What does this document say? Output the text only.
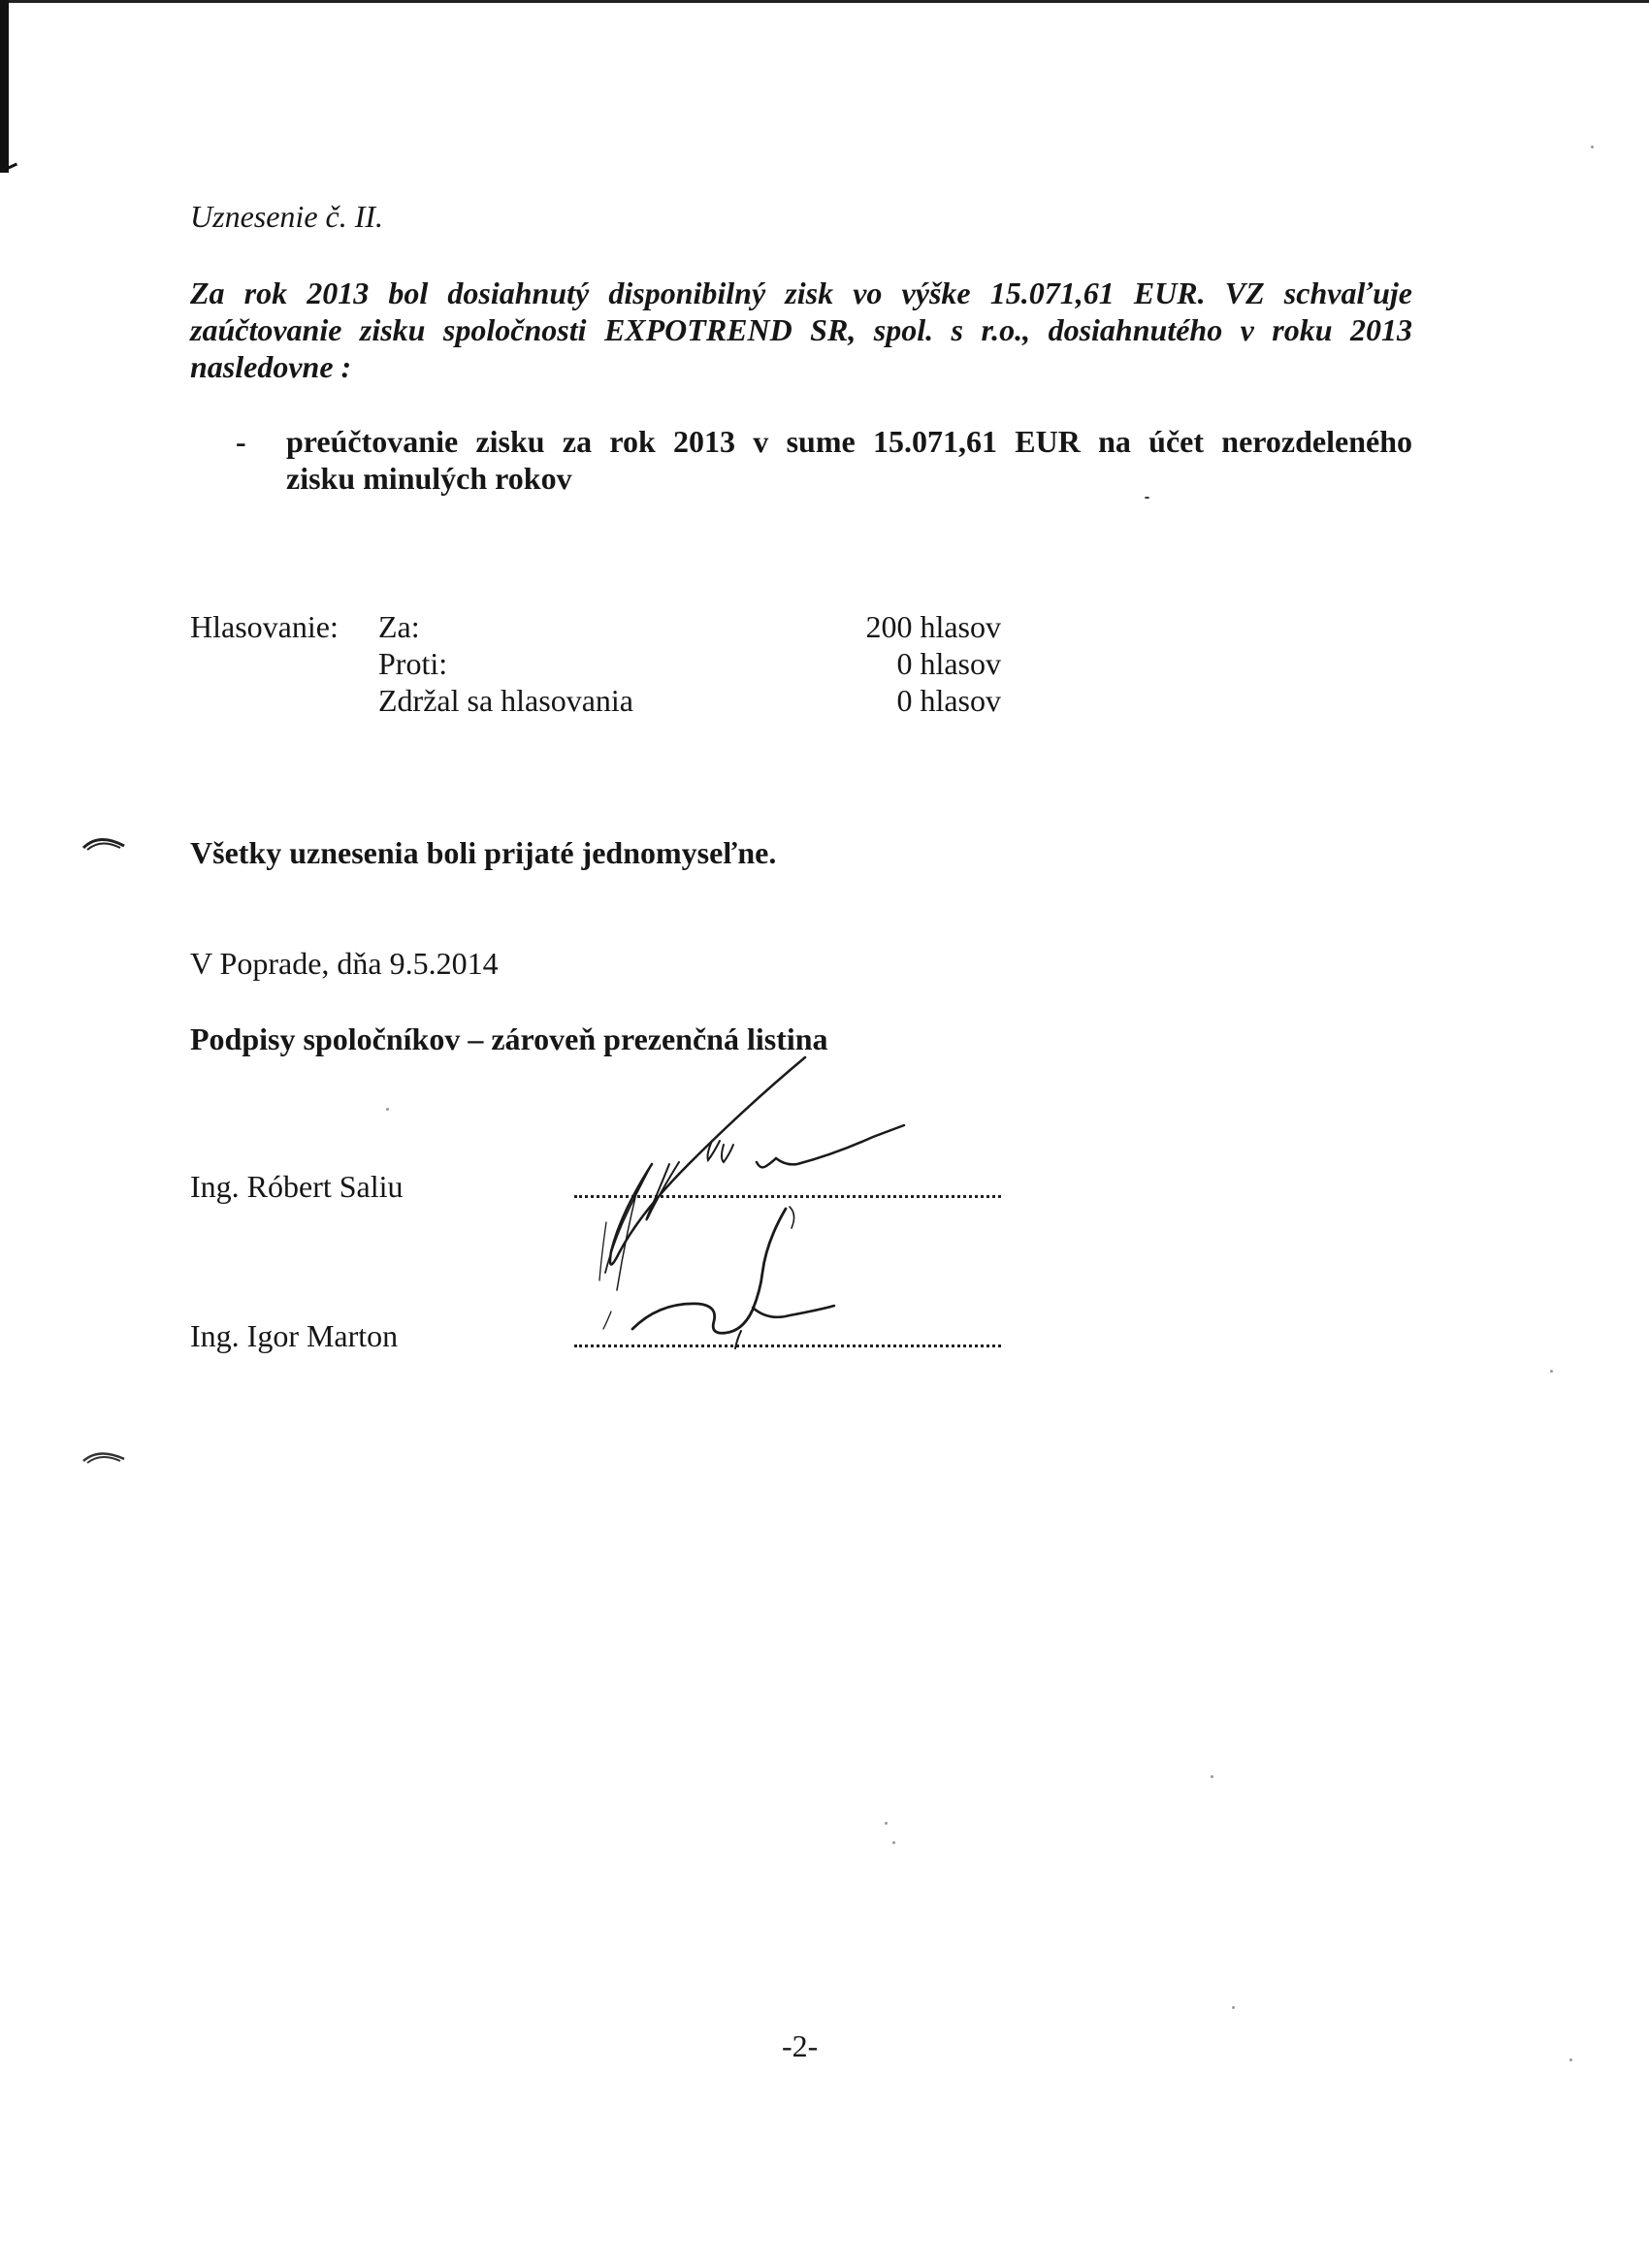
Uznesenie č. II.
Za rok 2013 bol dosiahnutý disponibilný zisk vo výške 15.071,61 EUR. VZ schvaľuje
zaúčtovanie zisku spoločnosti EXPOTREND SR, spol. s r.o., dosiahnutého v roku 2013
nasledovne :
- preúčtovanie zisku za rok 2013 v sume 15.071,61 EUR na účet nerozdeleného
zisku minulých rokov
Hlasovanie: Za:	200 hlasov
Proti:	0 hlasov
Zdržal sa hlasovania	0 hlasov
Všetky uznesenia boli prijaté jednomyseľne.
V Poprade, dňa 9.5.2014
Podpisy spoločníkov – zároveň prezenčná listina
Ing. Róbert Saliu
Ing. Igor Marton
-2-
